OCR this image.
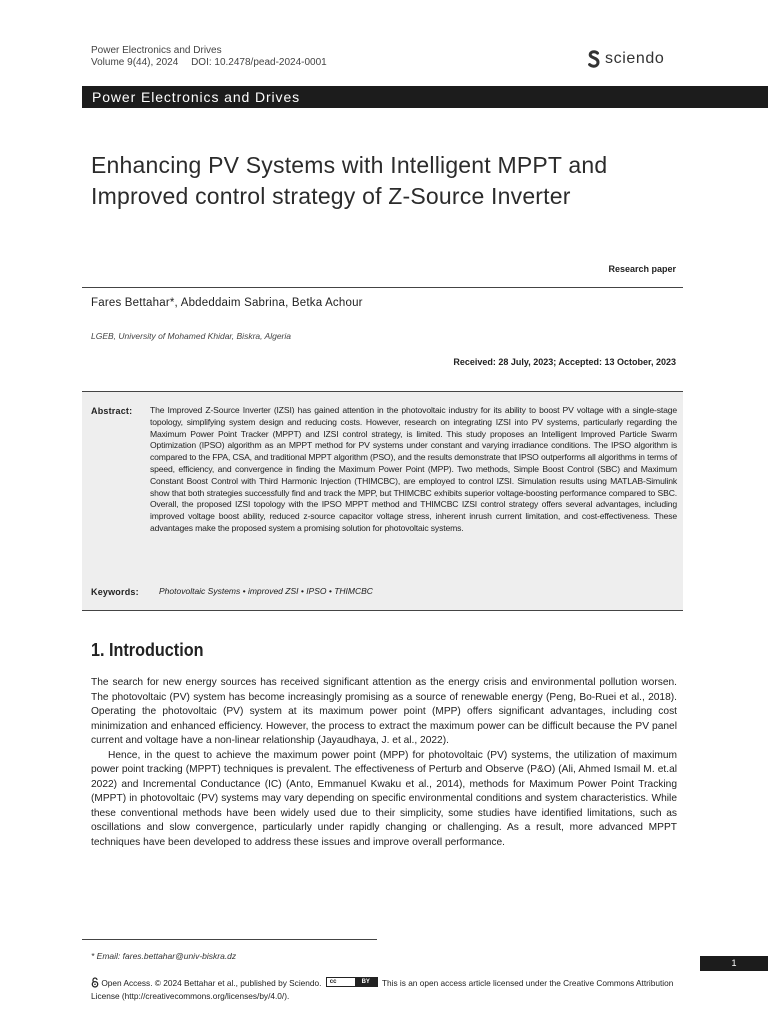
Power Electronics and Drives
Volume 9(44), 2024 DOI: 10.2478/pead-2024-0001	sciendo
Power Electronics and Drives
Enhancing PV Systems with Intelligent MPPT and Improved control strategy of Z-Source Inverter
Research paper
Fares Bettahar*, Abdeddaim Sabrina, Betka Achour
LGEB, University of Mohamed Khidar, Biskra, Algeria
Received: 28 July, 2023; Accepted: 13 October, 2023
Abstract: The Improved Z-Source Inverter (IZSI) has gained attention in the photovoltaic industry for its ability to boost PV voltage with a single-stage topology, simplifying system design and reducing costs. However, research on integrating IZSI into PV systems, particularly regarding the Maximum Power Point Tracker (MPPT) and IZSI control strategy, is limited. This study proposes an Intelligent Improved Particle Swarm Optimization (IPSO) algorithm as an MPPT method for PV systems under constant and varying irradiance conditions. The IPSO algorithm is compared to the FPA, CSA, and traditional MPPT algorithm (PSO), and the results demonstrate that IPSO outperforms all algorithms in terms of speed, efficiency, and convergence in finding the Maximum Power Point (MPP). Two methods, Simple Boost Control (SBC) and Maximum Constant Boost Control with Third Harmonic Injection (THIMCBC), are employed to control IZSI. Simulation results using MATLAB-Simulink show that both strategies successfully find and track the MPP, but THIMCBC exhibits superior voltage-boosting performance compared to SBC. Overall, the proposed IZSI topology with the IPSO MPPT method and THIMCBC IZSI control strategy offers several advantages, including improved voltage boost ability, reduced z-source capacitor voltage stress, inherent inrush current limitation, and cost-effectiveness. These advantages make the proposed system a promising solution for photovoltaic systems.
Keywords: Photovoltaic Systems • improved ZSI • IPSO • THIMCBC
1. Introduction

The search for new energy sources has received significant attention as the energy crisis and environmental pollution worsen. The photovoltaic (PV) system has become increasingly promising as a source of renewable energy (Peng, Bo-Ruei et al., 2018). Operating the photovoltaic (PV) system at its maximum power point (MPP) offers significant advantages, including cost minimization and enhanced efficiency. However, the process to extract the maximum power can be difficult because the PV panel current and voltage have a non-linear relationship (Jayaudhaya, J. et al., 2022).

Hence, in the quest to achieve the maximum power point (MPP) for photovoltaic (PV) systems, the utilization of maximum power point tracking (MPPT) techniques is prevalent. The effectiveness of Perturb and Observe (P&O) (Ali, Ahmed Ismail M. et.al 2022) and Incremental Conductance (IC) (Anto, Emmanuel Kwaku et al., 2014), methods for Maximum Power Point Tracking (MPPT) in photovoltaic (PV) systems may vary depending on specific environmental conditions and system characteristics. While these conventional methods have been widely used due to their simplicity, some studies have identified limitations, such as oscillations and slow convergence, particularly under rapidly changing or challenging. As a result, more advanced MPPT techniques have been developed to address these issues and improve overall performance.

* Email: fares.bettahar@univ-biskra.dz
1
Open Access. © 2024 Bettahar et al., published by Sciendo. cc	BY	This is an open access article licensed under the Creative Commons Attribution License (http://creativecommons.org/licenses/by/4.0/).
